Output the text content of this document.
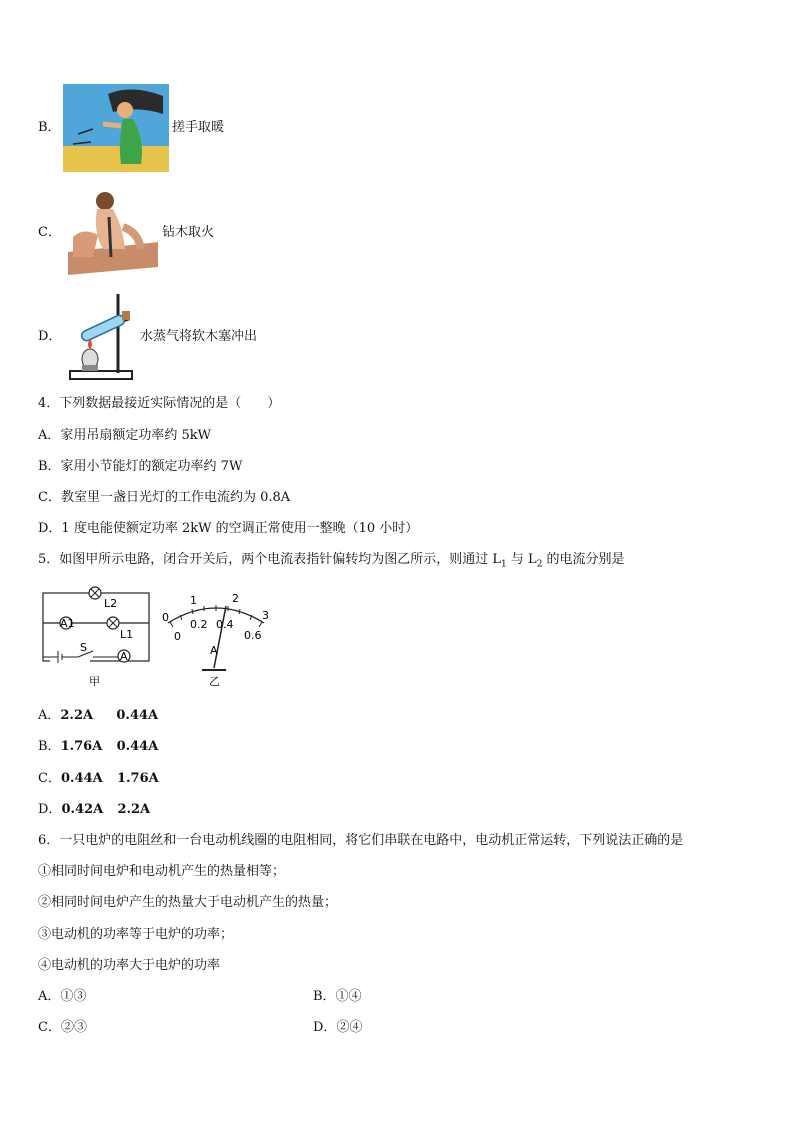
B．	搓手取暖
C．	钻木取火
D．	水蒸气将软木塞冲出
4．下列数据最接近实际情况的是（　　）
A．家用吊扇额定功率约 5kW
B．家用小节能灯的额定功率约 7W
C．教室里一盏日光灯的工作电流约为 0.8A
D．1 度电能使额定功率 2kW 的空调正常使用一整晚（10 小时）
5．如图甲所示电路，闭合开关后，两个电流表指针偏转均为图乙所示，则通过 $L_1$ 与 $L_2$ 的电流分别是
L2
A1
L1
S
A
甲
0
1	2
3
0
0.2 0.4
0.6
A
乙
A．2.2A 0.44A
B．1.76A 0.44A
C．0.44A 1.76A
D．0.42A 2.2A
6．一只电炉的电阻丝和一台电动机线圈的电阻相同，将它们串联在电路中，电动机正常运转，下列说法正确的是
①相同时间电炉和电动机产生的热量相等；
②相同时间电炉产生的热量大于电动机产生的热量；
③电动机的功率等于电炉的功率；
④电动机的功率大于电炉的功率
A．①③	B．①④
C．②③	D．②④
